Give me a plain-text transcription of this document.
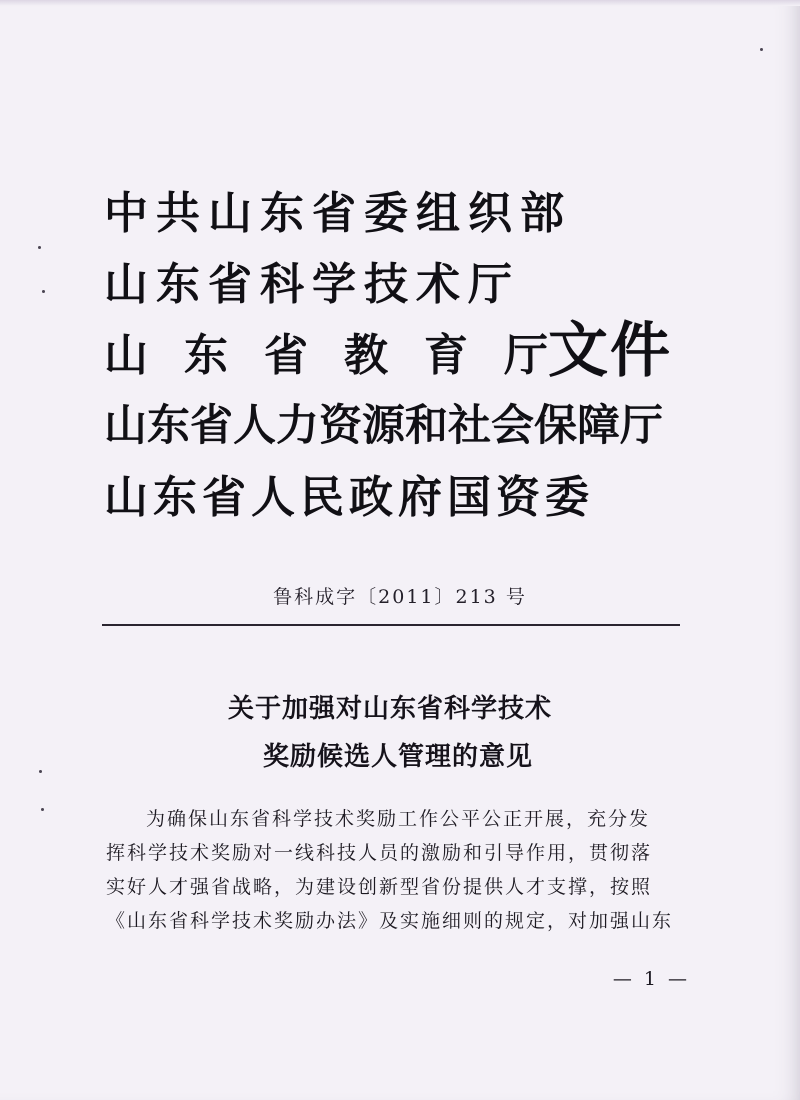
中共山东省委组织部
山东省科学技术厅
山东省教育厅
山东省人力资源和社会保障厅
山东省人民政府国资委
文件
鲁科成字〔2011〕213 号
关于加强对山东省科学技术
奖励候选人管理的意见
为确保山东省科学技术奖励工作公平公正开展，充分发
挥科学技术奖励对一线科技人员的激励和引导作用，贯彻落
实好人才强省战略，为建设创新型省份提供人才支撑，按照
《山东省科学技术奖励办法》及实施细则的规定，对加强山东
— 1 —
